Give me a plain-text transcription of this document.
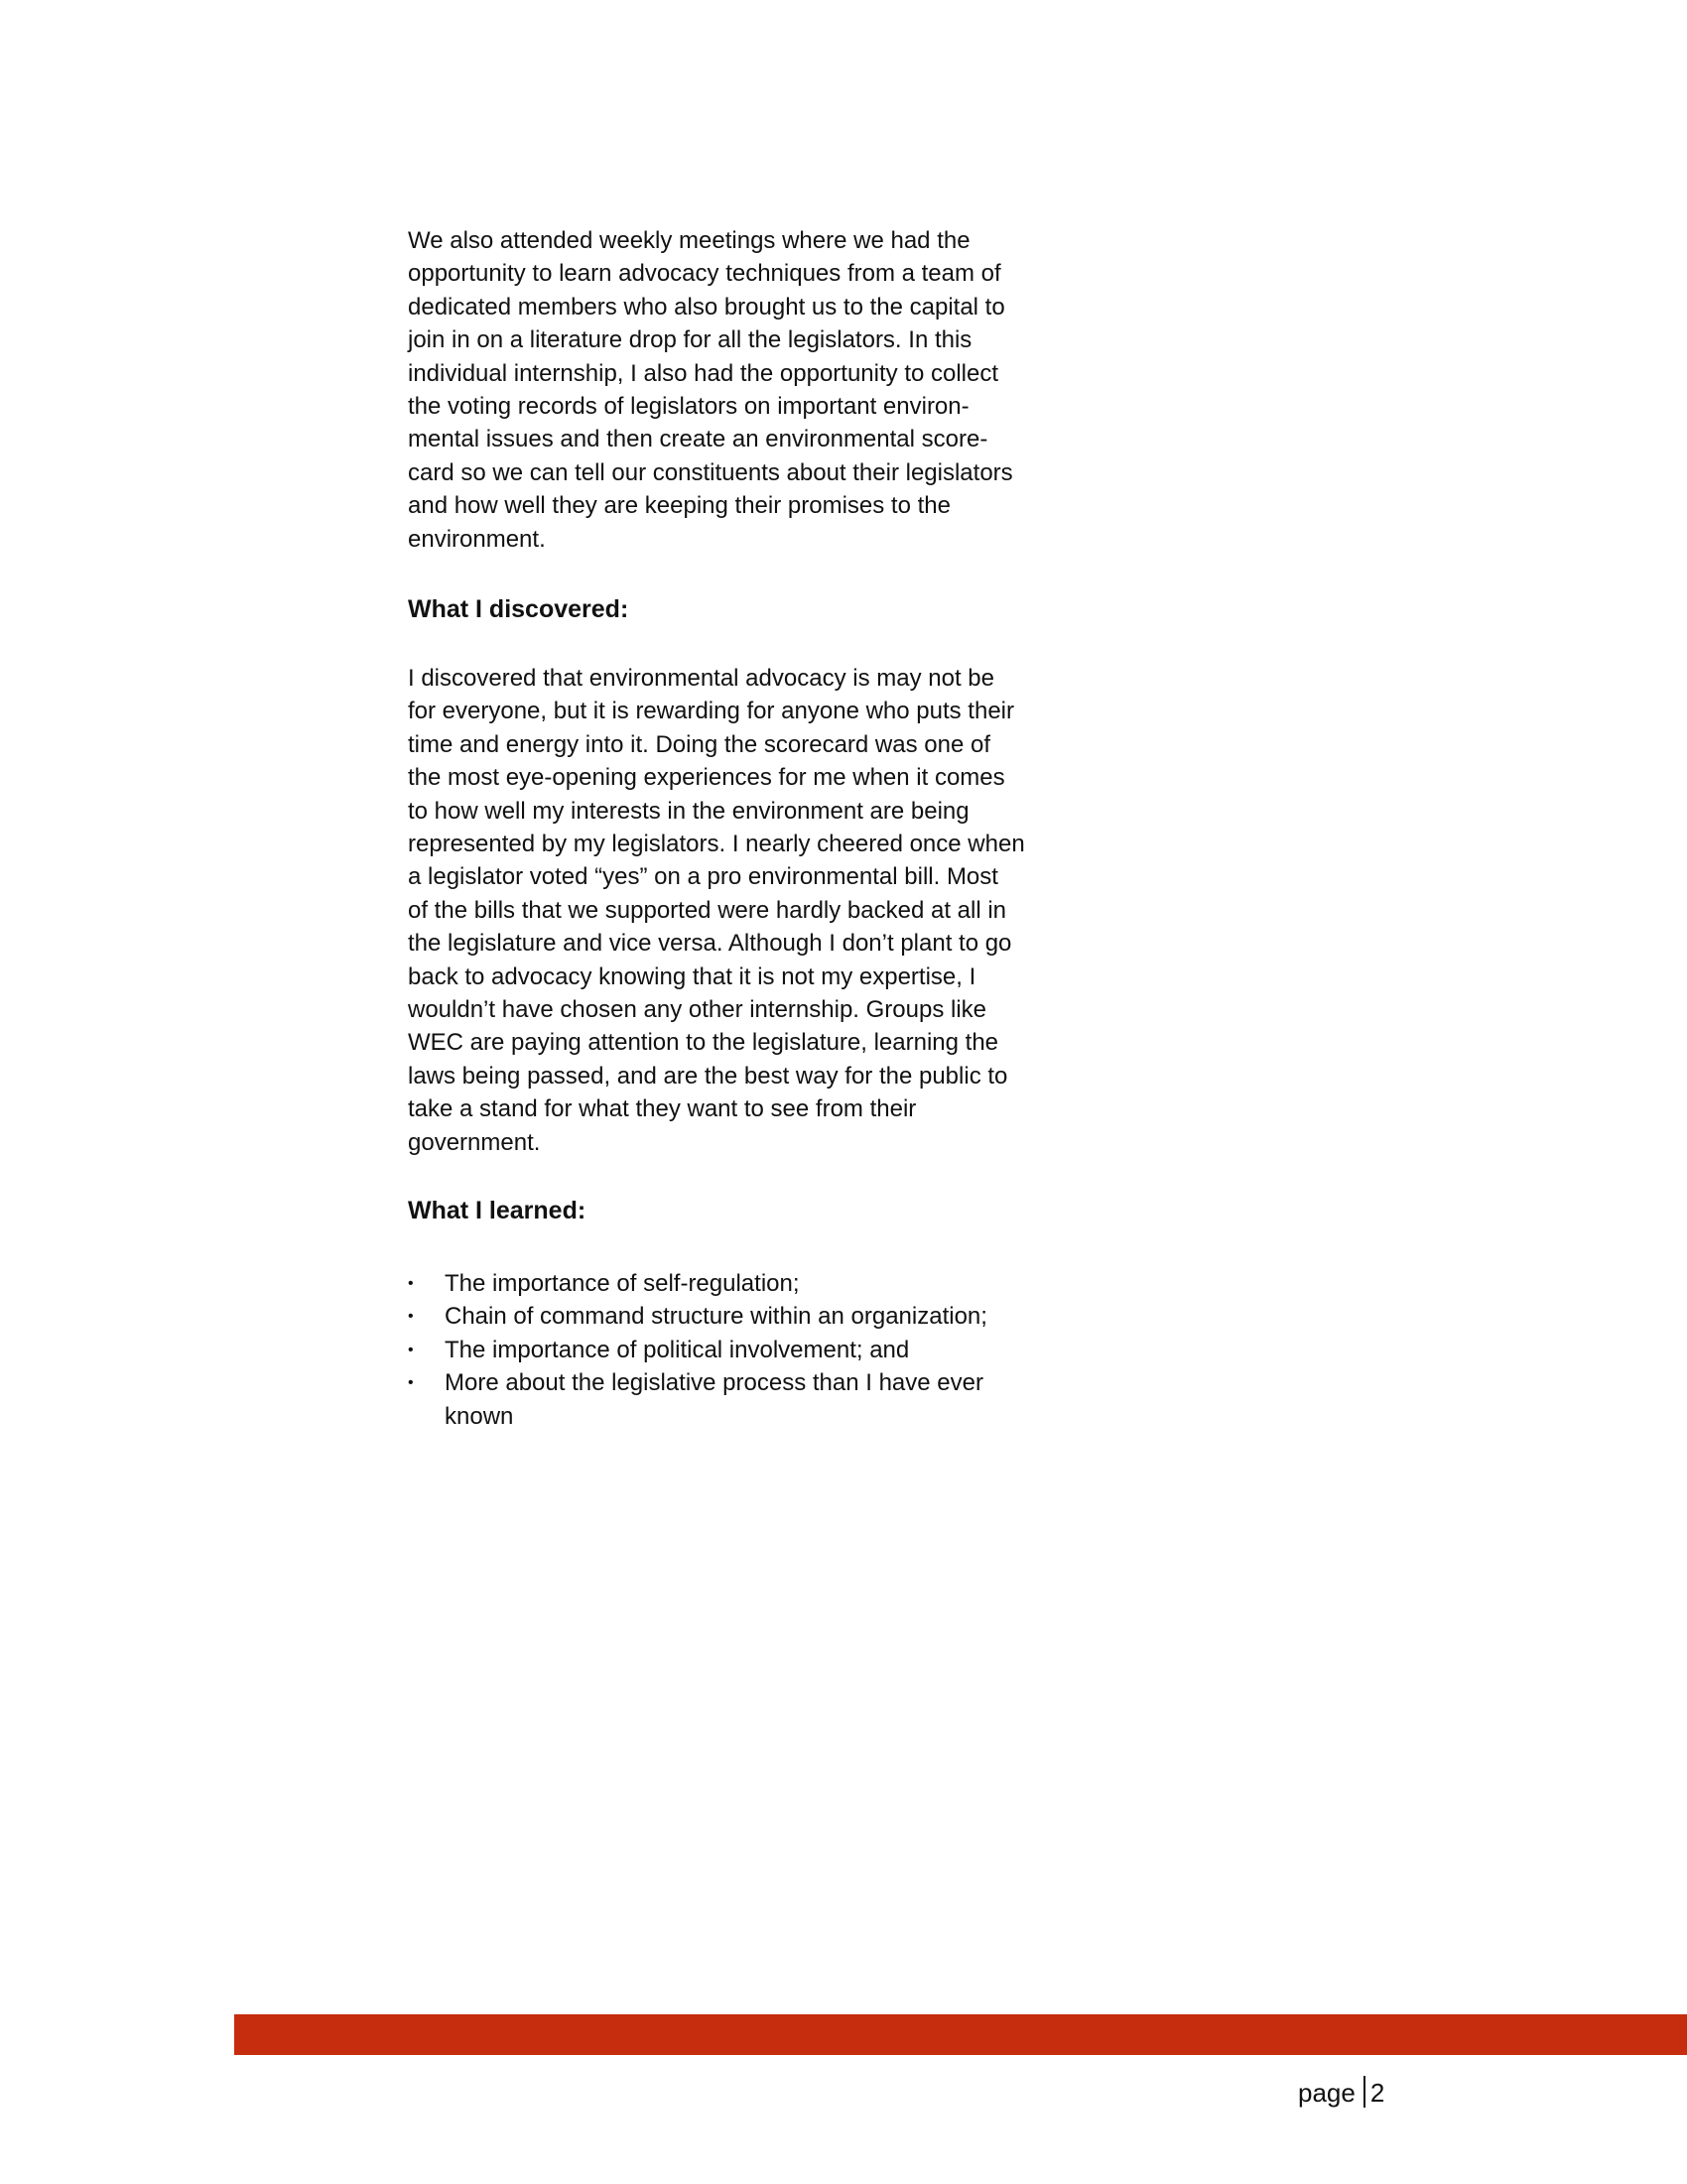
We also attended weekly meetings where we had the
opportunity to learn advocacy techniques from a team of
dedicated members who also brought us to the capital to
join in on a literature drop for all the legislators. In this
individual internship, I also had the opportunity to collect
the voting records of legislators on important environ-
mental issues and then create an environmental score-
card so we can tell our constituents about their legislators
and how well they are keeping their promises to the
environment.
What I discovered:
I discovered that environmental advocacy is may not be
for everyone, but it is rewarding for anyone who puts their
time and energy into it. Doing the scorecard was one of
the most eye-opening experiences for me when it comes
to how well my interests in the environment are being
represented by my legislators. I nearly cheered once when
a legislator voted “yes” on a pro environmental bill. Most
of the bills that we supported were hardly backed at all in
the legislature and vice versa. Although I don’t plant to go
back to advocacy knowing that it is not my expertise, I
wouldn’t have chosen any other internship. Groups like
WEC are paying attention to the legislature, learning the
laws being passed, and are the best way for the public to
take a stand for what they want to see from their
government.
What I learned:
• The importance of self-regulation;
• Chain of command structure within an organization;
• The importance of political involvement; and
• More about the legislative process than I have ever
known
page 2
